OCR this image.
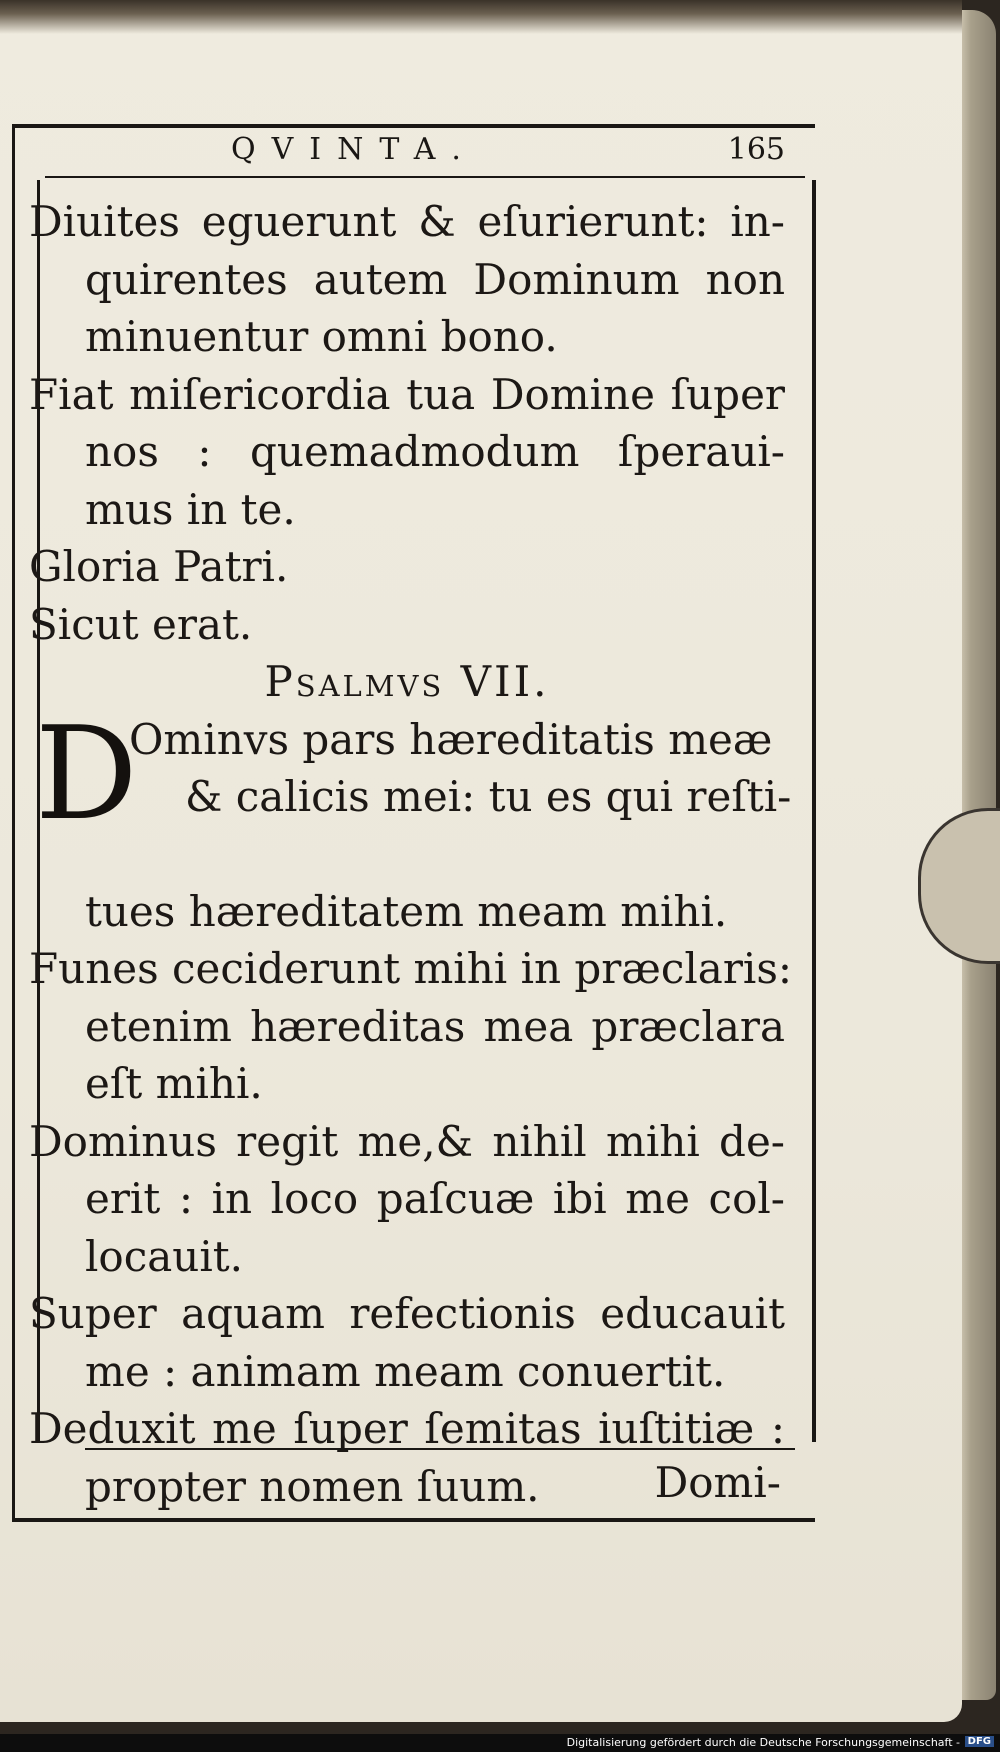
QVINTA.	165
Diuites eguerunt & eſurierunt: in-
quirentes autem Dominum non
minuentur omni bono.
Fiat miſericordia tua Domine ſuper
nos : quemadmodum ſperaui-
mus in te.
Gloria Patri.
Sicut erat.
Psalmvs VII.
D
Ominvs pars hæreditatis meæ
& calicis mei: tu es qui reſti-
tues hæreditatem meam mihi.
Funes ceciderunt mihi in præclaris:
etenim hæreditas mea præclara
eſt mihi.
Dominus regit me,& nihil mihi de-
erit : in loco paſcuæ ibi me col-
locauit.
Super aquam refectionis educauit
me : animam meam conuertit.
Deduxit me ſuper ſemitas iuſtitiæ :
propter nomen ſuum.	Domi-
Digitalisierung gefördert durch die Deutsche Forschungsgemeinschaft - DFG
